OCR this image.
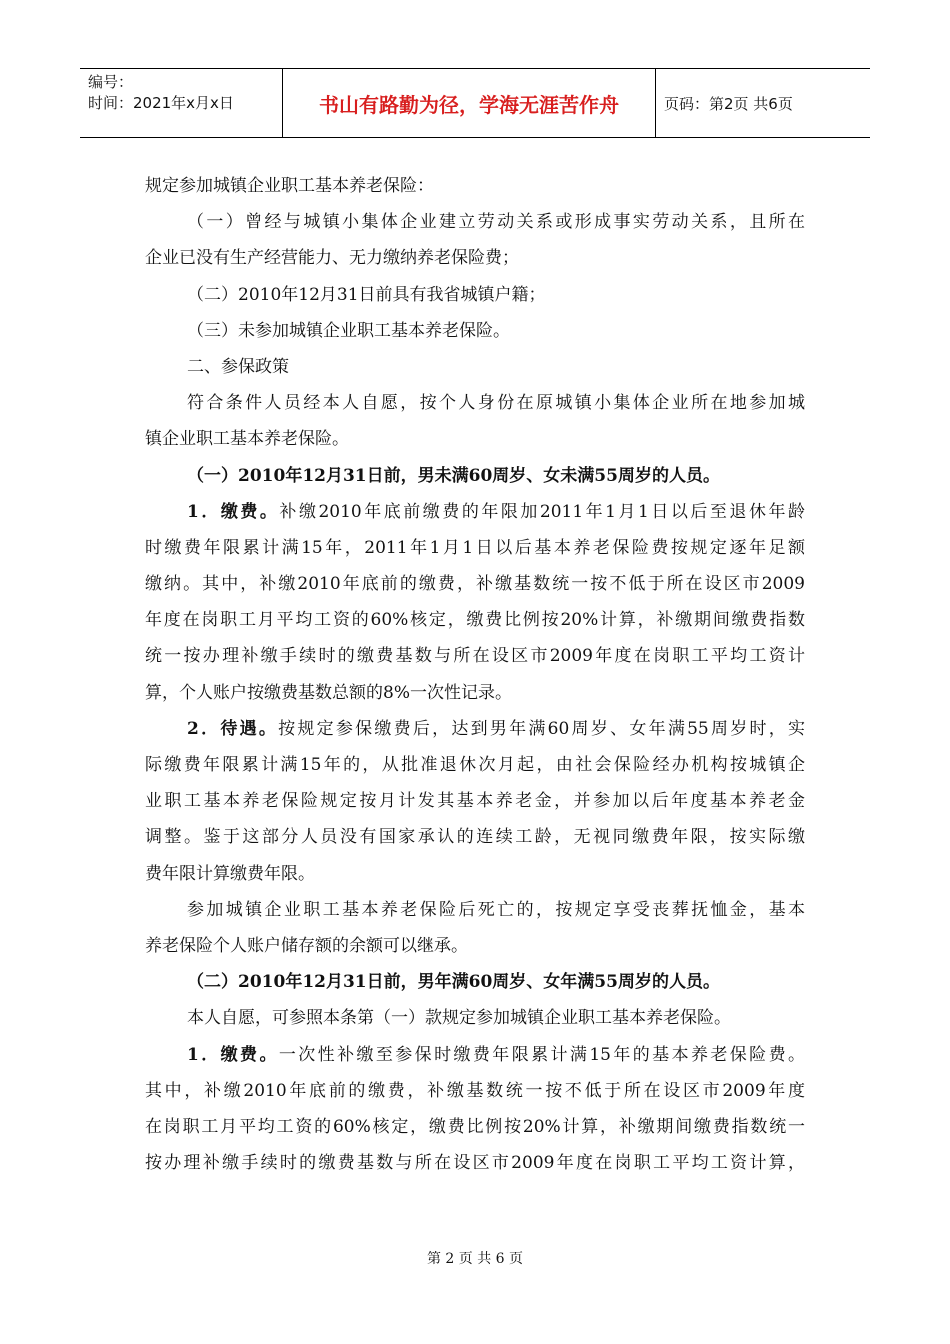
编号：
时间：2021年x月x日	书山有路勤为径，学海无涯苦作舟	页码：第2页 共6页
规定参加城镇企业职工基本养老保险：
（一）曾经与城镇小集体企业建立劳动关系或形成事实劳动关系，且所在
企业已没有生产经营能力、无力缴纳养老保险费；
（二）2010年12月31日前具有我省城镇户籍；
（三）未参加城镇企业职工基本养老保险。
二、参保政策
符合条件人员经本人自愿，按个人身份在原城镇小集体企业所在地参加城
镇企业职工基本养老保险。
（一）2010年12月31日前，男未满60周岁、女未满55周岁的人员。
1．缴费。补缴2010年底前缴费的年限加2011年1月1日以后至退休年龄
时缴费年限累计满15年，2011年1月1日以后基本养老保险费按规定逐年足额
缴纳。其中，补缴2010年底前的缴费，补缴基数统一按不低于所在设区市2009
年度在岗职工月平均工资的60%核定，缴费比例按20%计算，补缴期间缴费指数
统一按办理补缴手续时的缴费基数与所在设区市2009年度在岗职工平均工资计
算，个人账户按缴费基数总额的8%一次性记录。
2．待遇。按规定参保缴费后，达到男年满60周岁、女年满55周岁时，实
际缴费年限累计满15年的，从批准退休次月起，由社会保险经办机构按城镇企
业职工基本养老保险规定按月计发其基本养老金，并参加以后年度基本养老金
调整。鉴于这部分人员没有国家承认的连续工龄，无视同缴费年限，按实际缴
费年限计算缴费年限。
参加城镇企业职工基本养老保险后死亡的，按规定享受丧葬抚恤金，基本
养老保险个人账户储存额的余额可以继承。
（二）2010年12月31日前，男年满60周岁、女年满55周岁的人员。
本人自愿，可参照本条第（一）款规定参加城镇企业职工基本养老保险。
1．缴费。一次性补缴至参保时缴费年限累计满15年的基本养老保险费。
其中，补缴2010年底前的缴费，补缴基数统一按不低于所在设区市2009年度
在岗职工月平均工资的60%核定，缴费比例按20%计算，补缴期间缴费指数统一
按办理补缴手续时的缴费基数与所在设区市2009年度在岗职工平均工资计算，
第 2 页 共 6 页
